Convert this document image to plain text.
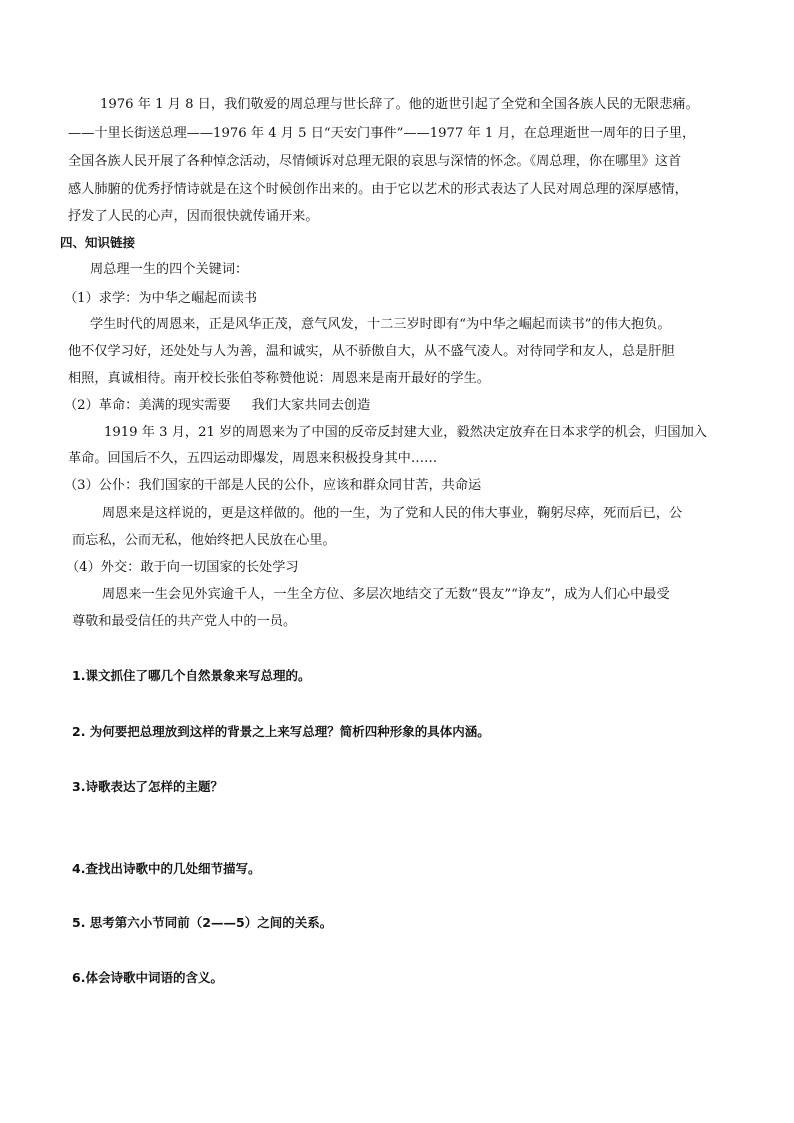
1976 年 1 月 8 日，我们敬爱的周总理与世长辞了。他的逝世引起了全党和全国各族人民的无限悲痛。
——十里长街送总理——1976 年 4 月 5 日“天安门事件”——1977 年 1 月，在总理逝世一周年的日子里，
全国各族人民开展了各种悼念活动，尽情倾诉对总理无限的哀思与深情的怀念。《周总理，你在哪里》这首
感人肺腑的优秀抒情诗就是在这个时候创作出来的。由于它以艺术的形式表达了人民对周总理的深厚感情，
抒发了人民的心声，因而很快就传诵开来。
四、知识链接
周总理一生的四个关键词：
（1）求学：为中华之崛起而读书
学生时代的周恩来，正是风华正茂，意气风发，十二三岁时即有“为中华之崛起而读书”的伟大抱负。
他不仅学习好，还处处与人为善，温和诚实，从不骄傲自大，从不盛气凌人。对待同学和友人，总是肝胆
相照，真诚相待。南开校长张伯苓称赞他说：周恩来是南开最好的学生。
（2）革命：美满的现实需要     我们大家共同去创造
1919 年 3 月，21 岁的周恩来为了中国的反帝反封建大业，毅然决定放弃在日本求学的机会，归国加入
革命。回国后不久，五四运动即爆发，周恩来积极投身其中……
（3）公仆：我们国家的干部是人民的公仆，应该和群众同甘苦，共命运
周恩来是这样说的，更是这样做的。他的一生，为了党和人民的伟大事业，鞠躬尽瘁，死而后已，公
而忘私，公而无私，他始终把人民放在心里。
（4）外交：敢于向一切国家的长处学习
周恩来一生会见外宾逾千人，一生全方位、多层次地结交了无数“畏友”“诤友”，成为人们心中最受
尊敬和最受信任的共产党人中的一员。
1.课文抓住了哪几个自然景象来写总理的。
2. 为何要把总理放到这样的背景之上来写总理？简析四种形象的具体内涵。
3.诗歌表达了怎样的主题？
4.查找出诗歌中的几处细节描写。
5. 思考第六小节同前（2——5）之间的关系。
6.体会诗歌中词语的含义。
